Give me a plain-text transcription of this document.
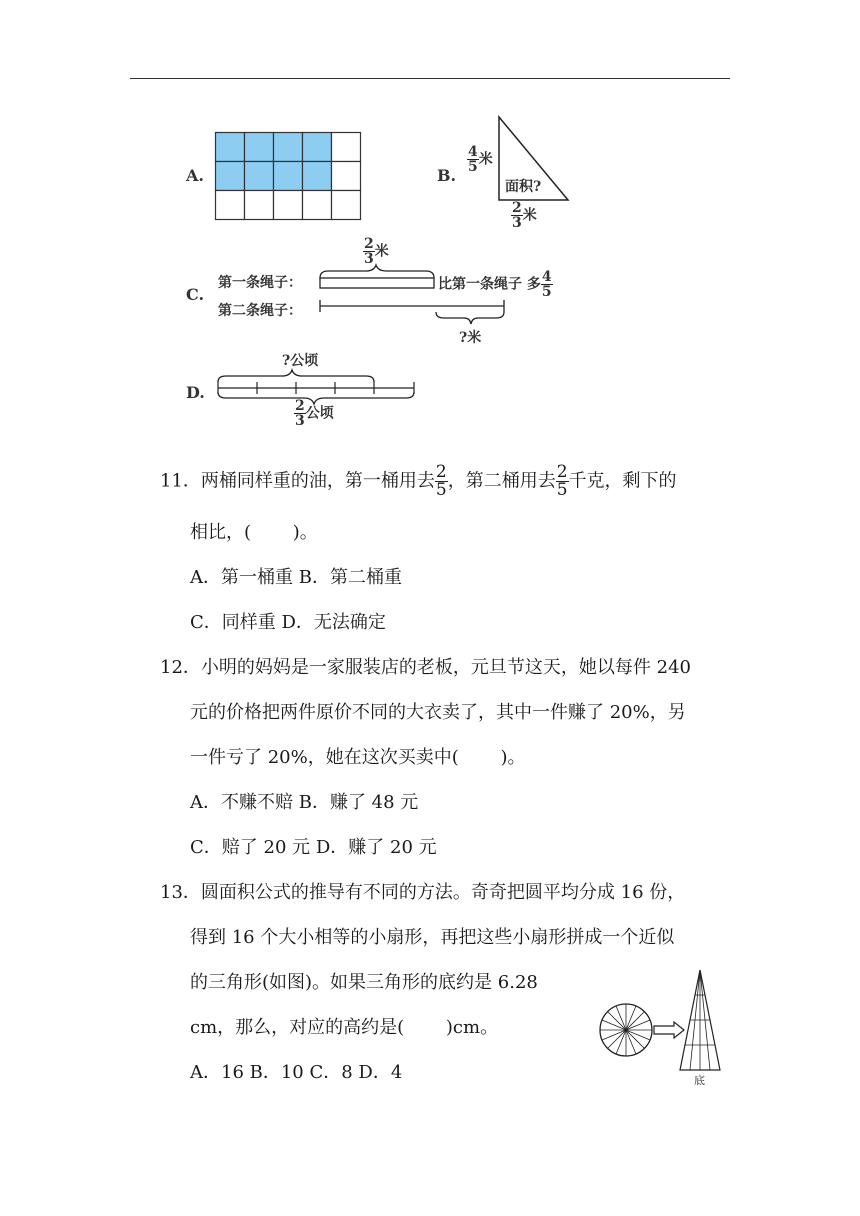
A.	B.
$\frac{4}{5}$ 米
面积?
$\frac{2}{3}$ 米
C.
第一条绳子：
第二条绳子：
$\frac{2}{3}$ 米
比第一条绳子 多 $\frac{4}{5}$
?米
D.
?公顷
$\frac{2}{3}$ 公顷
11．两桶同样重的油，第一桶用去 $\frac{2}{5}$ ，第二桶用去 $\frac{2}{5}$ 千克，剩下的
相比，(　　 )。
A．第一桶重 B．第二桶重
C．同样重 D．无法确定
12．小明的妈妈是一家服装店的老板，元旦节这天，她以每件 240
元的价格把两件原价不同的大衣卖了，其中一件赚了 20%，另
一件亏了 20%，她在这次买卖中(　　 )。
A．不赚不赔 B．赚了 48 元
C．赔了 20 元 D．赚了 20 元
13．圆面积公式的推导有不同的方法。奇奇把圆平均分成 16 份，
得到 16 个大小相等的小扇形，再把这些小扇形拼成一个近似
的三角形(如图)。如果三角形的底约是 6.28
cm，那么，对应的高约是(　　 )cm。
A．16 B．10 C．8 D．4	底
